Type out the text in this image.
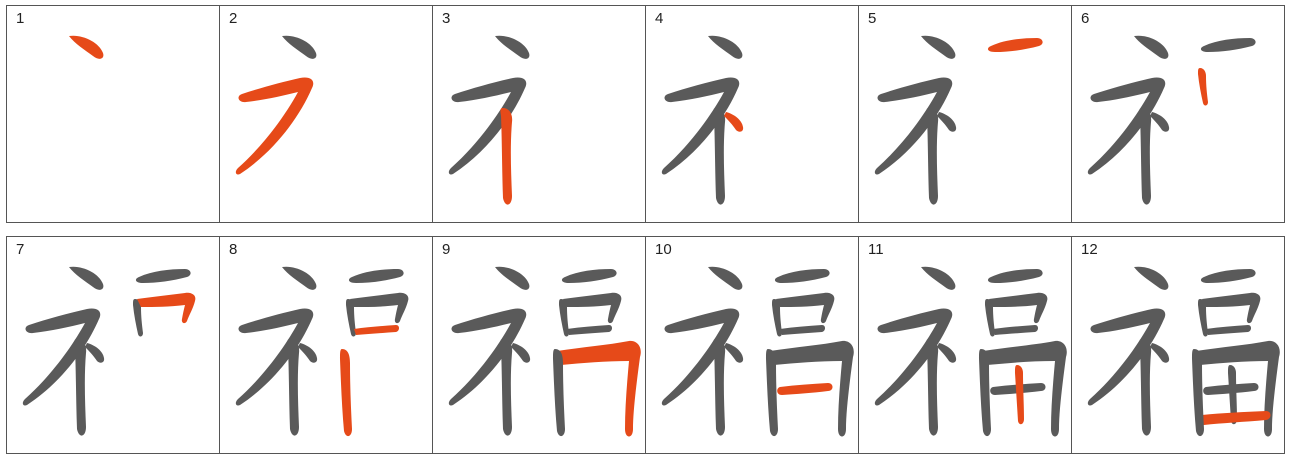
1	2	3	4	5	6
7	8	9	10	11	12
